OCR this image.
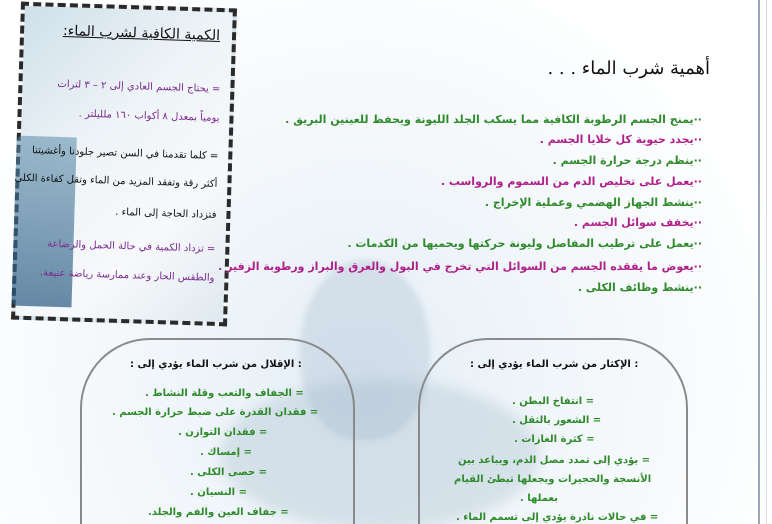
الكمية الكافية لشرب الماء:
= يحتاج الجسم العادي إلى ٢ – ٣ لترات
يومياً بمعدل ٨ أكواب ١٦٠ ملليلتر .
= كلما تقدمنا في السن تصير جلودنا وأغشيتنا
أكثر رقة وتفقد المزيد من الماء وتقل كفاءة الكلى
فتزداد الحاجة إلى الماء .
= تزداد الكمية في حالة الحمل والرضاعة
والطقس الحار وعند ممارسة رياضة عنيفة.
أهمية شرب الماء . . .
··يمنح الجسم الرطوبة الكافية مما يسكب الجلد الليونة ويحفظ للعينين البريق .
··يجدد حيوية كل خلايا الجسم .
··ينظم درجة حرارة الجسم .
··يعمل على تخليص الدم من السموم والرواسب .
··ينشط الجهاز الهضمي وعملية الإخراج .
··يخفف سوائل الجسم .
··يعمل على ترطيب المفاصل وليونة حركتها ويحميها من الكدمات .
··يعوض ما يفقده الجسم من السوائل التي تخرج في البول والعرق والبراز ورطوبة الزفير .
··ينشط وظائف الكلى .
: الإقلال من شرب الماء يؤدي إلى :
= الجفاف والتعب وقلة النشاط .
= فقدان القدرة على ضبط حرارة الجسم .
= فقدان التوازن .
= إمساك .
= حصى الكلى .
= النسيان .
= جفاف العين والفم والجلد.
: الإكثار من شرب الماء يؤدي إلى :
= انتفاخ البطن .
= الشعور بالثقل .
= كثرة الغازات .
= يؤدي إلى تمدد مصل الدم، ويباعد بين
الأنسجة والحجيرات ويجعلها تبطئ القيام
بعملها .
= في حالات نادرة يؤدي إلى تسمم الماء .
